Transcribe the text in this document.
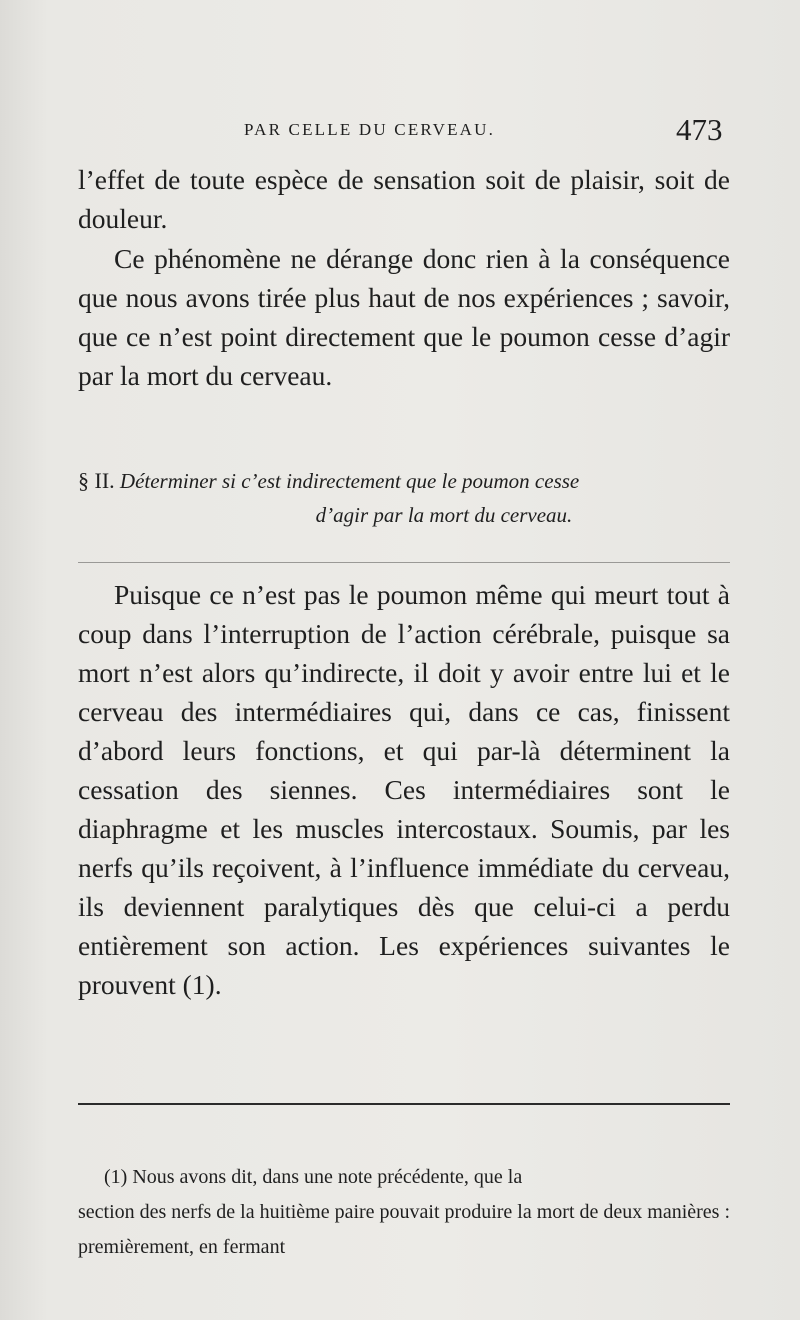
PAR CELLE DU CERVEAU.	473

l’effet de toute espèce de sensation soit de plaisir, soit de douleur.

Ce phénomène ne dérange donc rien à la conséquence que nous avons tirée plus haut de nos expériences ; savoir, que ce n’est point directement que le poumon cesse d’agir par la mort du cerveau.

§ II. Déterminer si c’est indirectement que le poumon cesse
d’agir par la mort du cerveau.

Puisque ce n’est pas le poumon même qui meurt tout à coup dans l’interruption de l’action cérébrale, puisque sa mort n’est alors qu’indirecte, il doit y avoir entre lui et le cerveau des intermédiaires qui, dans ce cas, finissent d’abord leurs fonctions, et qui par-là déterminent la cessation des siennes. Ces intermédiaires sont le diaphragme et les muscles intercostaux. Soumis, par les nerfs qu’ils reçoivent, à l’influence immédiate du cerveau, ils deviennent paralytiques dès que celui-ci a perdu entièrement son action. Les expériences suivantes le prouvent (1).

(1) Nous avons dit, dans une note précédente, que la

section des nerfs de la huitième paire pouvait produire la mort de deux manières : premièrement, en fermant
